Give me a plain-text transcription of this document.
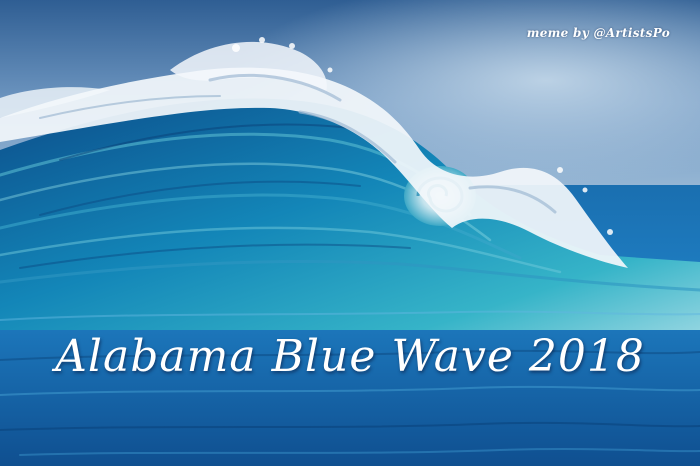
meme by @ArtistsPo
Alabama Blue Wave 2018
